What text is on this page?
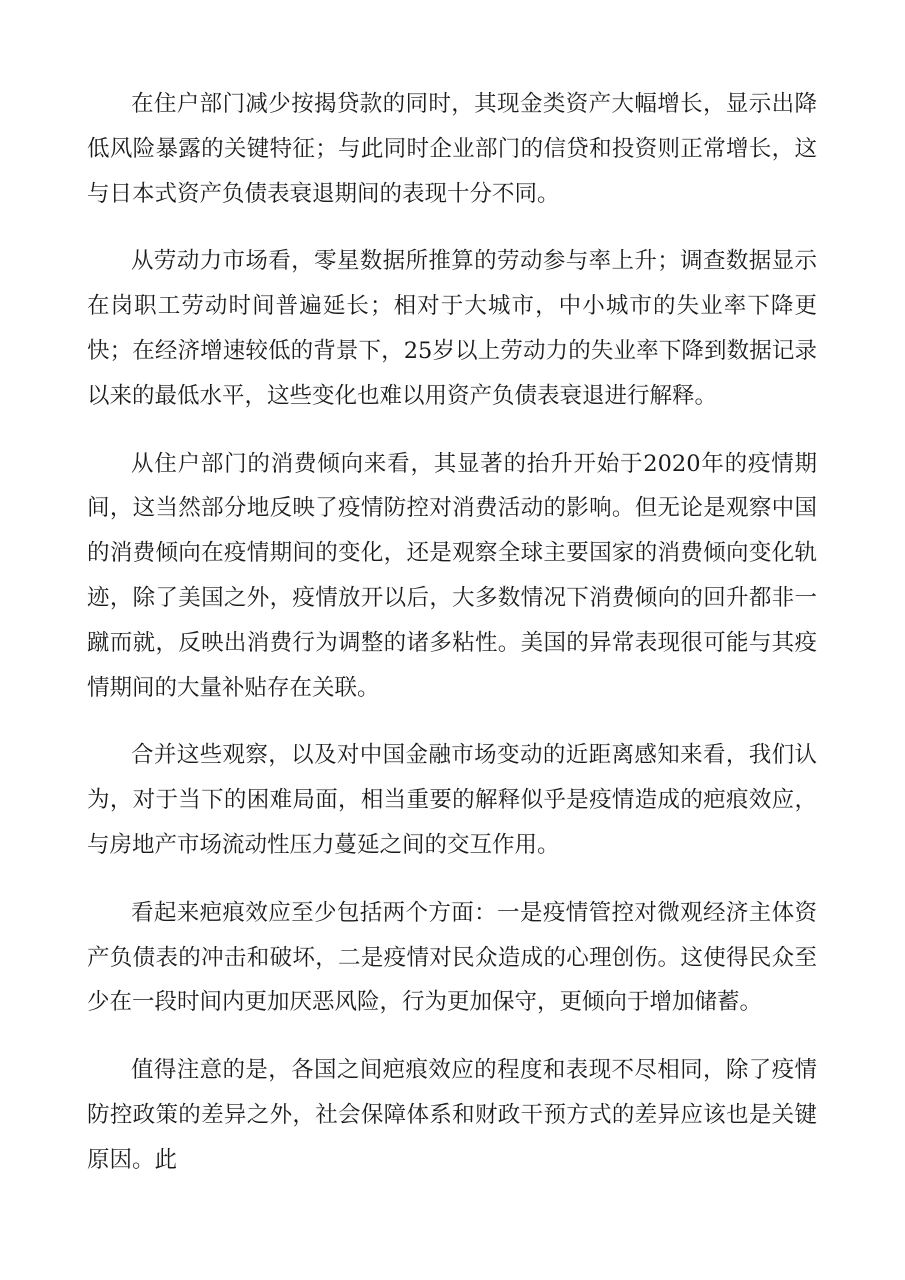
在住户部门减少按揭贷款的同时，其现金类资产大幅增长，显示出降低风险暴露的关键特征；与此同时企业部门的信贷和投资则正常增长，这与日本式资产负债表衰退期间的表现十分不同。

从劳动力市场看，零星数据所推算的劳动参与率上升；调查数据显示在岗职工劳动时间普遍延长；相对于大城市，中小城市的失业率下降更快；在经济增速较低的背景下，25岁以上劳动力的失业率下降到数据记录以来的最低水平，这些变化也难以用资产负债表衰退进行解释。

从住户部门的消费倾向来看，其显著的抬升开始于2020年的疫情期间，这当然部分地反映了疫情防控对消费活动的影响。但无论是观察中国的消费倾向在疫情期间的变化，还是观察全球主要国家的消费倾向变化轨迹，除了美国之外，疫情放开以后，大多数情况下消费倾向的回升都非一蹴而就，反映出消费行为调整的诸多粘性。美国的异常表现很可能与其疫情期间的大量补贴存在关联。

合并这些观察，以及对中国金融市场变动的近距离感知来看，我们认为，对于当下的困难局面，相当重要的解释似乎是疫情造成的疤痕效应，与房地产市场流动性压力蔓延之间的交互作用。

看起来疤痕效应至少包括两个方面：一是疫情管控对微观经济主体资产负债表的冲击和破坏，二是疫情对民众造成的心理创伤。这使得民众至少在一段时间内更加厌恶风险，行为更加保守，更倾向于增加储蓄。

值得注意的是，各国之间疤痕效应的程度和表现不尽相同，除了疫情防控政策的差异之外，社会保障体系和财政干预方式的差异应该也是关键原因。此
